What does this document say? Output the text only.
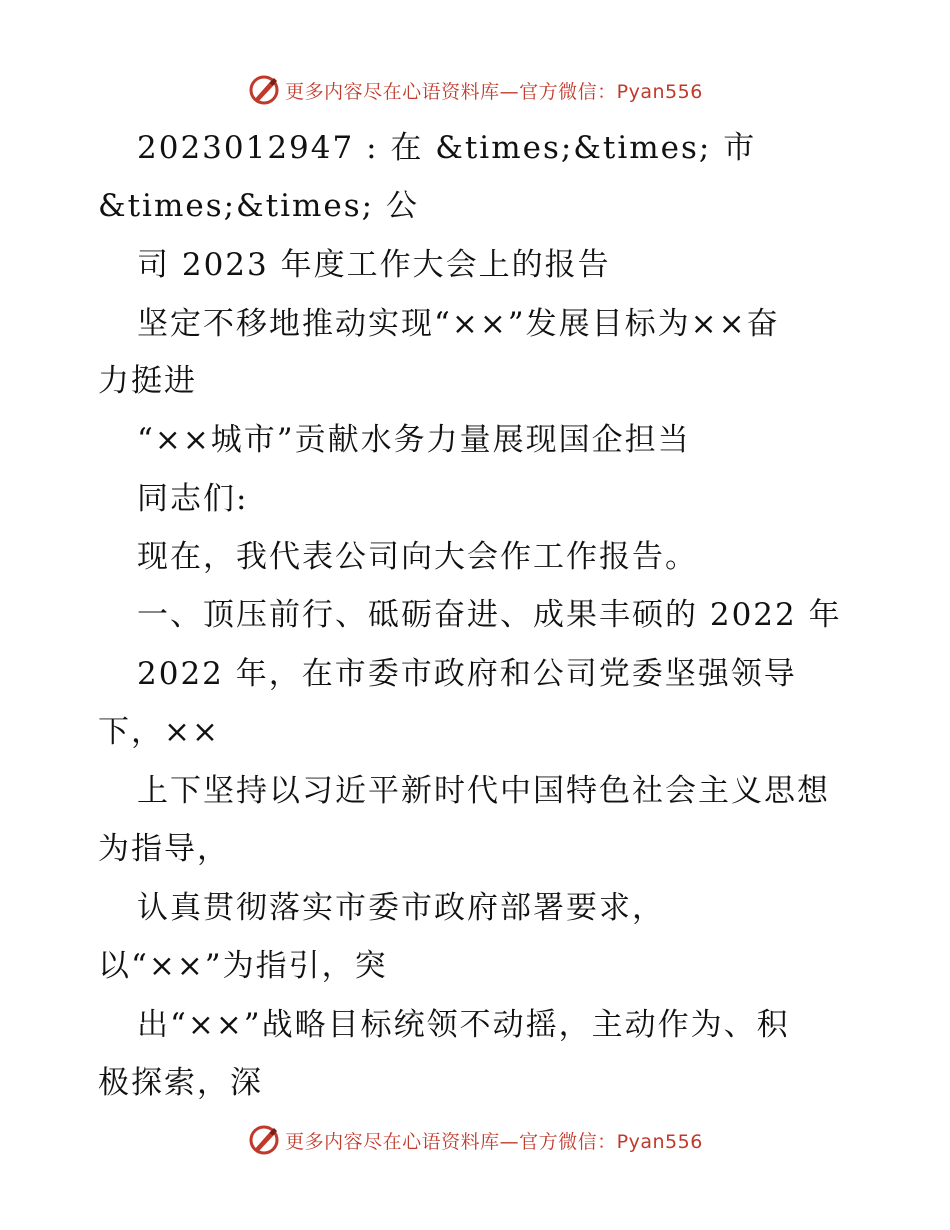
更多内容尽在心语资料库—官方微信：Pyan556
2023012947 : 在 &times;&times; 市
&times;&times; 公
司 2023 年度工作大会上的报告
坚定不移地推动实现“××”发展目标为××奋
力挺进
“××城市”贡献水务力量展现国企担当
同志们:
现在，我代表公司向大会作工作报告。
一、顶压前行、砥砺奋进、成果丰硕的 2022 年
2022 年，在市委市政府和公司党委坚强领导
下，××
上下坚持以习近平新时代中国特色社会主义思想
为指导，
认真贯彻落实市委市政府部署要求，
以“××”为指引，突
出“××”战略目标统领不动摇，主动作为、积
极探索，深
更多内容尽在心语资料库—官方微信：Pyan556
